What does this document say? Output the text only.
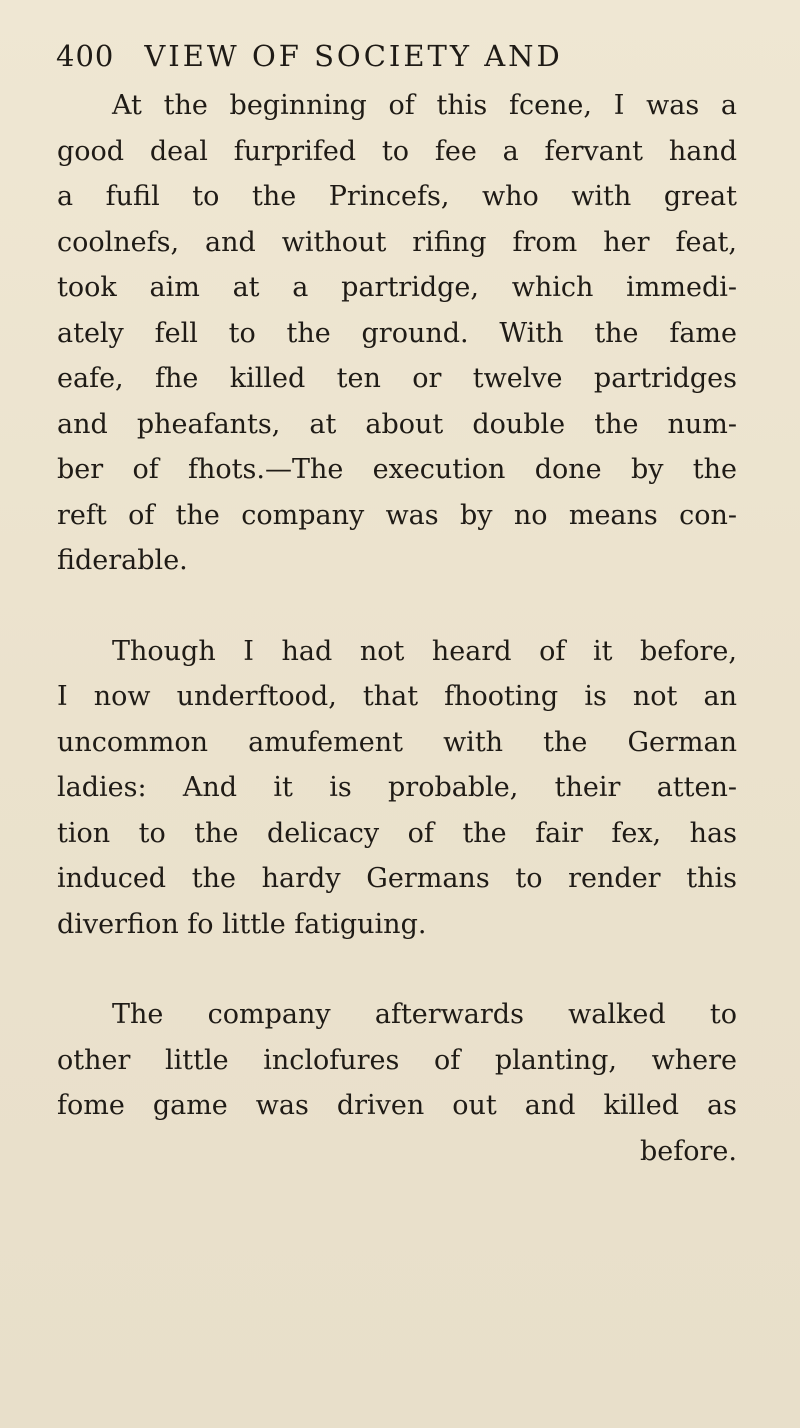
400 VIEW OF SOCIETY AND

At the beginning of this fcene, I was a
good deal furprifed to fee a fervant hand
a fufil to the Princefs, who with great
coolnefs, and without rifing from her feat,
took aim at a partridge, which immedi-
ately fell to the ground. With the fame
eafe, fhe killed ten or twelve partridges
and pheafants, at about double the num-
ber of fhots.—The execution done by the
reft of the company was by no means con-
fiderable.

Though I had not heard of it before,
I now underftood, that fhooting is not an
uncommon amufement with the German
ladies: And it is probable, their atten-
tion to the delicacy of the fair fex, has
induced the hardy Germans to render this
diverfion fo little fatiguing.

The company afterwards walked to
other little inclofures of planting, where
fome game was driven out and killed as
before.
